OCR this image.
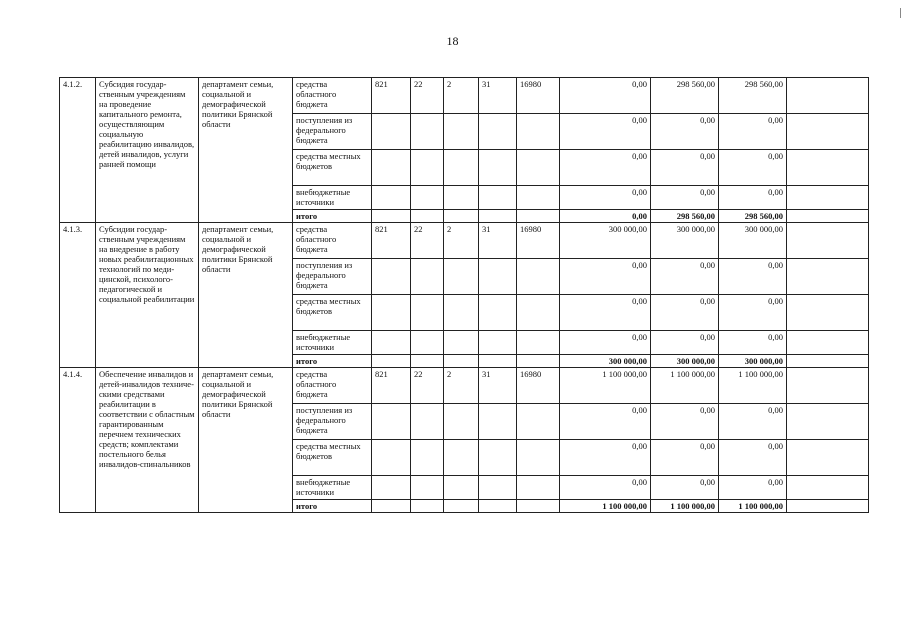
18
4.1.2.	Субсидия государственным учреждениям на проведение капитального ремонта, осуществляющим социальную реабилитацию инвалидов, детей инвалидов, услуги ранней помощи	департамент семьи, социальной и демографической политики Брянской области	средства областного бюджета	821	22	2	31	16980	0,00	298 560,00	298 560,00	
			поступления из федерального бюджета						0,00	0,00	0,00	
			средства местных бюджетов						0,00	0,00	0,00	
			внебюджетные источники						0,00	0,00	0,00	
			итого						0,00	298 560,00	298 560,00	
4.1.3.	Субсидии государственным учреждениям на внедрение в работу новых реабилитационных технологий по медицинской, психолого-педагогической и социальной реабилитации	департамент семьи, социальной и демографической политики Брянской области	средства областного бюджета	821	22	2	31	16980	300 000,00	300 000,00	300 000,00	
			поступления из федерального бюджета						0,00	0,00	0,00	
			средства местных бюджетов						0,00	0,00	0,00	
			внебюджетные источники						0,00	0,00	0,00	
			итого						300 000,00	300 000,00	300 000,00	
4.1.4.	Обеспечение инвалидов и детей-инвалидов техническими средствами реабилитации в соответствии с областным гарантированным перечнем технических средств; комплектами постельного белья инвалидов-спинальников	департамент семьи, социальной и демографической политики Брянской области	средства областного бюджета	821	22	2	31	16980	1 100 000,00	1 100 000,00	1 100 000,00	
			поступления из федерального бюджета						0,00	0,00	0,00	
			средства местных бюджетов						0,00	0,00	0,00	
			внебюджетные источники						0,00	0,00	0,00	
			итого						1 100 000,00	1 100 000,00	1 100 000,00	
